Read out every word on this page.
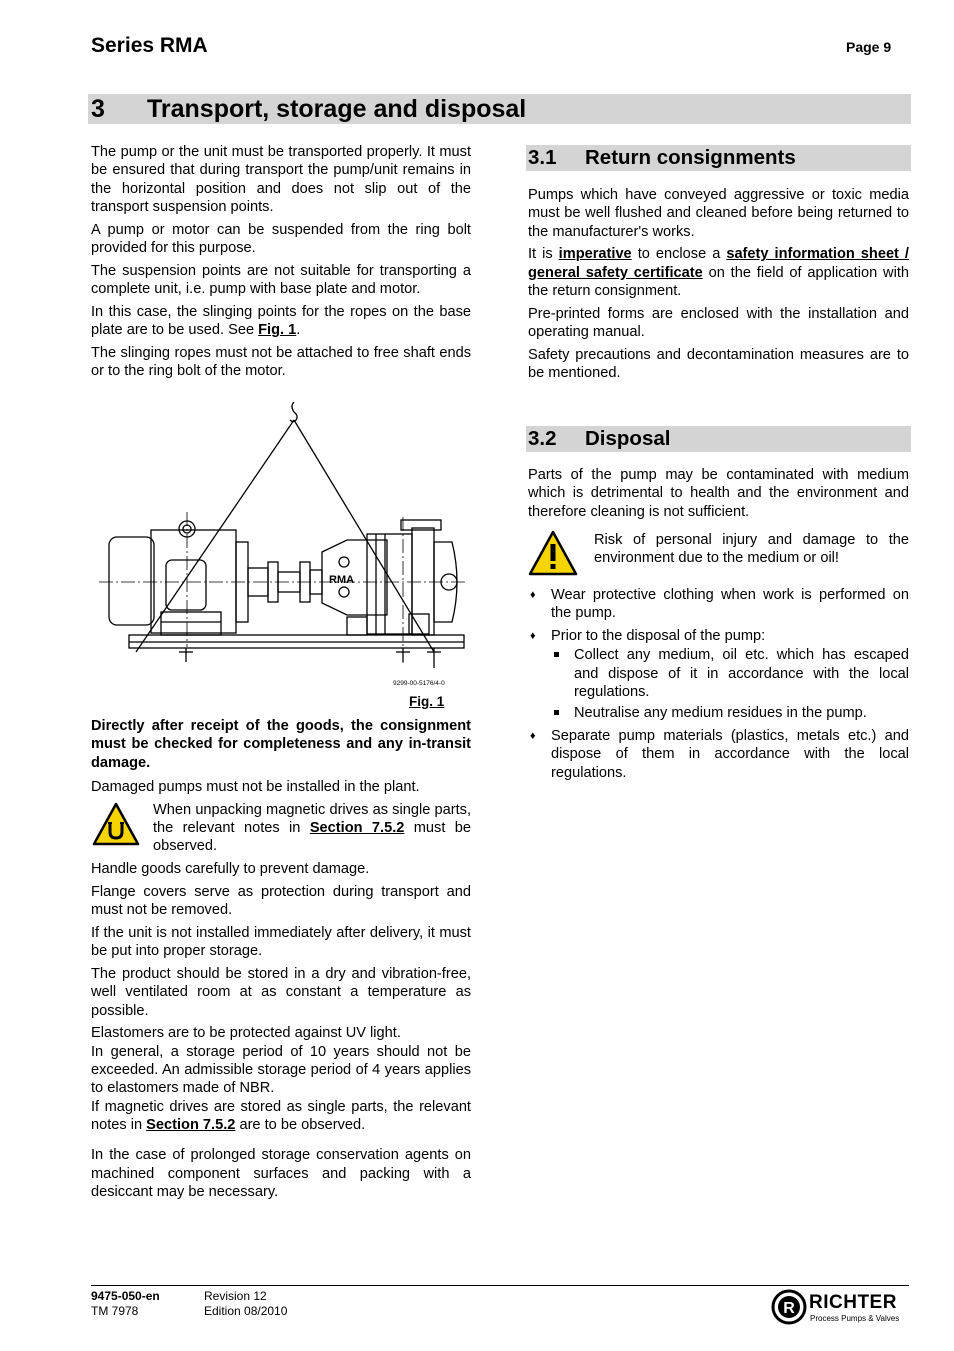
Series RMA	Page 9
3 Transport, storage and disposal

The pump or the unit must be transported properly. It must be ensured that during transport the pump/unit remains in the horizontal position and does not slip out of the transport suspension points.

A pump or motor can be suspended from the ring bolt provided for this purpose.

The suspension points are not suitable for transporting a complete unit, i.e. pump with base plate and motor.

In this case, the slinging points for the ropes on the base plate are to be used. See Fig. 1.

The slinging ropes must not be attached to free shaft ends or to the ring bolt of the motor.

RMA
9299-00-5176/4-0
Fig. 1

Directly after receipt of the goods, the consignment must be checked for completeness and any in-transit damage.

Damaged pumps must not be installed in the plant.

When unpacking magnetic drives as single parts, the relevant notes in Section 7.5.2 must be observed.

Handle goods carefully to prevent damage.

Flange covers serve as protection during transport and must not be removed.

If the unit is not installed immediately after delivery, it must be put into proper storage.

The product should be stored in a dry and vibration-free, well ventilated room at as constant a temperature as possible.

Elastomers are to be protected against UV light.

In general, a storage period of 10 years should not be exceeded. An admissible storage period of 4 years applies to elastomers made of NBR.

If magnetic drives are stored as single parts, the relevant notes in Section 7.5.2 are to be observed.

In the case of prolonged storage conservation agents on machined component surfaces and packing with a desiccant may be necessary.

3.1 Return consignments

Pumps which have conveyed aggressive or toxic media must be well flushed and cleaned before being returned to the manufacturer's works.

It is imperative to enclose a safety information sheet / general safety certificate on the field of application with the return consignment.

Pre-printed forms are enclosed with the installation and operating manual.

Safety precautions and decontamination measures are to be mentioned.

3.2 Disposal

Parts of the pump may be contaminated with medium which is detrimental to health and the environment and therefore cleaning is not sufficient.

Risk of personal injury and damage to the environment due to the medium or oil!

♦ Wear protective clothing when work is performed on the pump.
♦ Prior to the disposal of the pump:
Collect any medium, oil etc. which has escaped and dispose of it in accordance with the local regulations.
Neutralise any medium residues in the pump.
♦ Separate pump materials (plastics, metals etc.) and dispose of them in accordance with the local regulations.
9475-050-en
TM 7978
Revision 12
Edition 08/2010	R RICHTER
Process Pumps & Valves
